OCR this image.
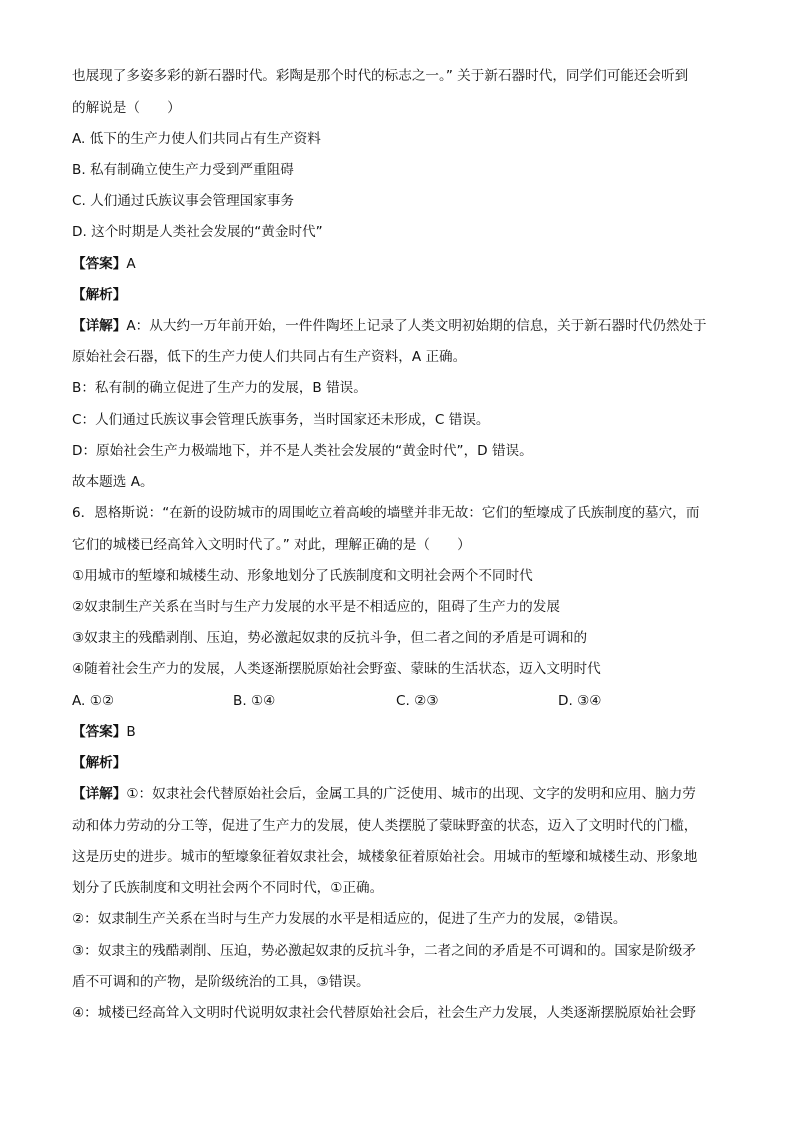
也展现了多姿多彩的新石器时代。彩陶是那个时代的标志之一。” 关于新石器时代，同学们可能还会听到
的解说是（　　）
A. 低下的生产力使人们共同占有生产资料
B. 私有制确立使生产力受到严重阻碍
C. 人们通过氏族议事会管理国家事务
D. 这个时期是人类社会发展的“黄金时代”
【答案】A
【解析】
【详解】A：从大约一万年前开始，一件件陶坯上记录了人类文明初始期的信息，关于新石器时代仍然处于
原始社会石器，低下的生产力使人们共同占有生产资料，A 正确。
B：私有制的确立促进了生产力的发展，B 错误。
C：人们通过氏族议事会管理氏族事务，当时国家还未形成，C 错误。
D：原始社会生产力极端地下，并不是人类社会发展的“黄金时代”，D 错误。
故本题选 A。
6．恩格斯说：“在新的设防城市的周围屹立着高峻的墙壁并非无故：它们的堑壕成了氏族制度的墓穴，而
它们的城楼已经高耸入文明时代了。” 对此，理解正确的是（　　）
①用城市的堑壕和城楼生动、形象地划分了氏族制度和文明社会两个不同时代
②奴隶制生产关系在当时与生产力发展的水平是不相适应的，阻碍了生产力的发展
③奴隶主的残酷剥削、压迫，势必激起奴隶的反抗斗争，但二者之间的矛盾是可调和的
④随着社会生产力的发展，人类逐渐摆脱原始社会野蛮、蒙昧的生活状态，迈入文明时代
A. ①②	B. ①④	C. ②③	D. ③④
【答案】B
【解析】
【详解】①：奴隶社会代替原始社会后，金属工具的广泛使用、城市的出现、文字的发明和应用、脑力劳
动和体力劳动的分工等，促进了生产力的发展，使人类摆脱了蒙昧野蛮的状态，迈入了文明时代的门槛，
这是历史的进步。城市的堑壕象征着奴隶社会，城楼象征着原始社会。用城市的堑壕和城楼生动、形象地
划分了氏族制度和文明社会两个不同时代，①正确。
②：奴隶制生产关系在当时与生产力发展的水平是相适应的，促进了生产力的发展，②错误。
③：奴隶主的残酷剥削、压迫，势必激起奴隶的反抗斗争，二者之间的矛盾是不可调和的。国家是阶级矛
盾不可调和的产物，是阶级统治的工具，③错误。
④：城楼已经高耸入文明时代说明奴隶社会代替原始社会后，社会生产力发展，人类逐渐摆脱原始社会野
